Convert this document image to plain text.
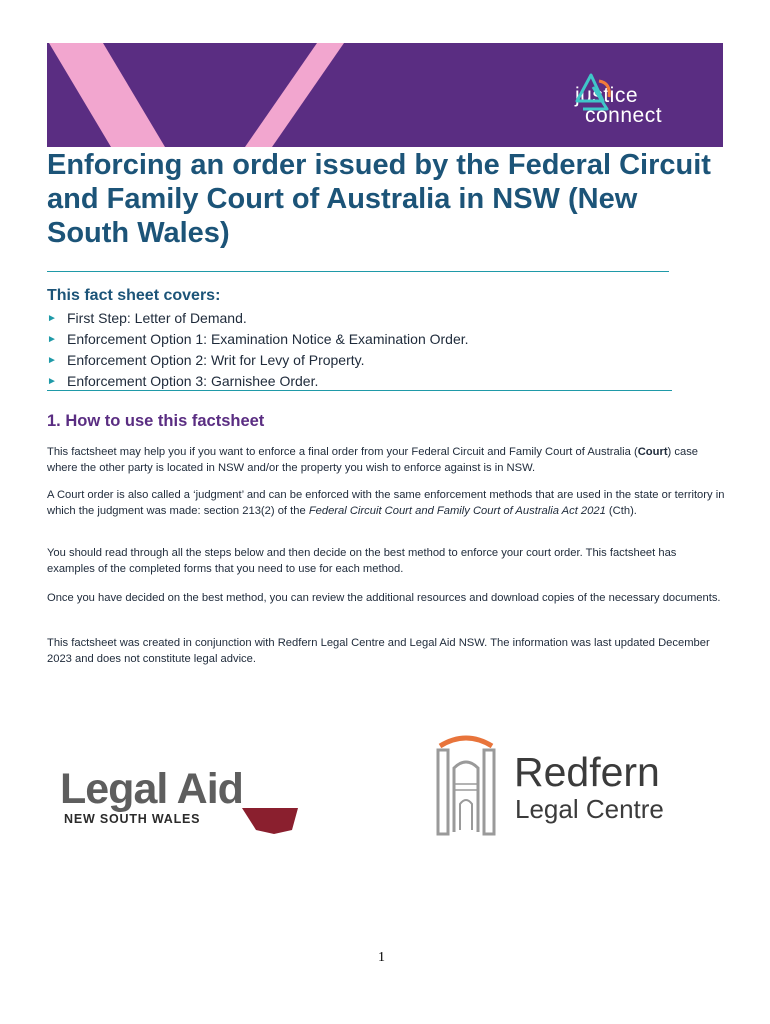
justice
connect
Enforcing an order issued by the Federal Circuit and Family Court of Australia in NSW (New South Wales)
This fact sheet covers:
► First Step: Letter of Demand.
► Enforcement Option 1: Examination Notice & Examination Order.
► Enforcement Option 2: Writ for Levy of Property.
► Enforcement Option 3: Garnishee Order.
1. How to use this factsheet

This factsheet may help you if you want to enforce a final order from your Federal Circuit and Family Court of Australia (Court) case where the other party is located in NSW and/or the property you wish to enforce against is in NSW.

A Court order is also called a ‘judgment’ and can be enforced with the same enforcement methods that are used in the state or territory in which the judgment was made: section 213(2) of the Federal Circuit Court and Family Court of Australia Act 2021 (Cth).

You should read through all the steps below and then decide on the best method to enforce your court order. This factsheet has examples of the completed forms that you need to use for each method.

Once you have decided on the best method, you can review the additional resources and download copies of the necessary documents.

This factsheet was created in conjunction with Redfern Legal Centre and Legal Aid NSW. The information was last updated December 2023 and does not constitute legal advice.

Legal Aid
NEW SOUTH WALES
Redfern
Legal Centre
1
